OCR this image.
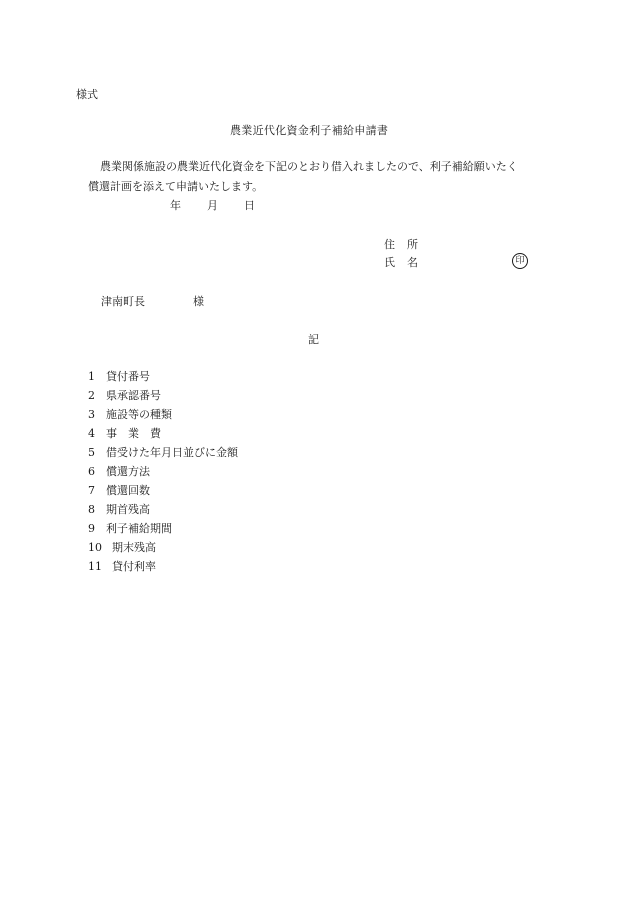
様式
農業近代化資金利子補給申請書
農業関係施設の農業近代化資金を下記のとおり借入れましたので、利子補給願いたく
償還計画を添えて申請いたします。
年 月 日
住 所
氏 名	印
津南町長	様
記
1 貸付番号
2 県承認番号
3 施設等の種類
4 事　業　費
5 借受けた年月日並びに金額
6 償還方法
7 償還回数
8 期首残高
9 利子補給期間
10 期末残高
11 貸付利率
